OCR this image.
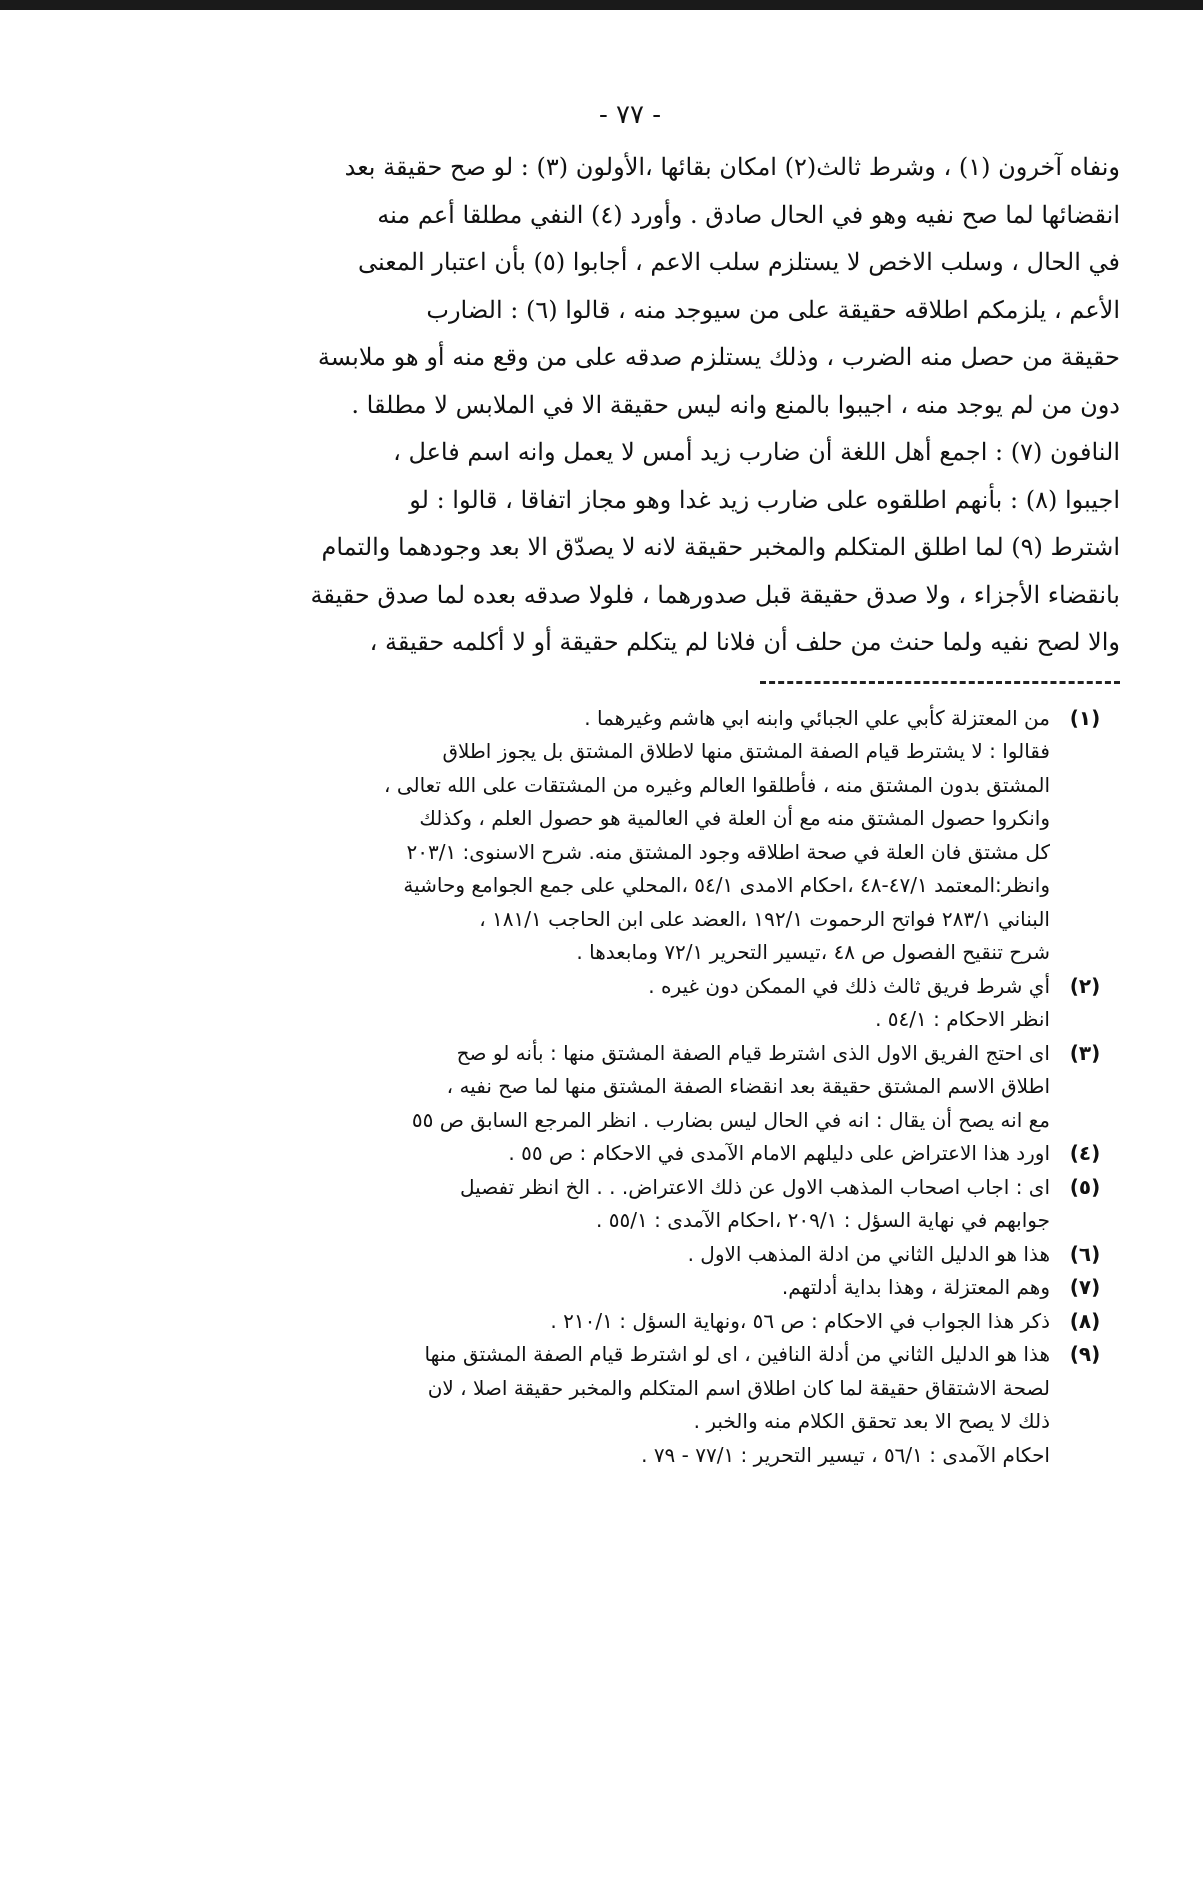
- ٧٧ -
ونفاه آخرون (١) ، وشرط ثالث(٢) امكان بقائها ،الأولون (٣) : لو صح حقيقة بعد
انقضائها لما صح نفيه وهو في الحال صادق . وأورد (٤) النفي مطلقا أعم منه
في الحال ، وسلب الاخص لا يستلزم سلب الاعم ، أجابوا (٥) بأن اعتبار المعنى
الأعم ، يلزمكم اطلاقه حقيقة على من سيوجد منه ، قالوا (٦) : الضارب
حقيقة من حصل منه الضرب ، وذلك يستلزم صدقه على من وقع منه أو هو ملابسة
دون من لم يوجد منه ، اجيبوا بالمنع وانه ليس حقيقة الا في الملابس لا مطلقا .
النافون (٧) : اجمع أهل اللغة أن ضارب زيد أمس لا يعمل وانه اسم فاعل ،
اجيبوا (٨) : بأنهم اطلقوه على ضارب زيد غدا وهو مجاز اتفاقا ، قالوا : لو
اشترط (٩) لما اطلق المتكلم والمخبر حقيقة لانه لا يصدّق الا بعد وجودهما والتمام
بانقضاء الأجزاء ، ولا صدق حقيقة قبل صدورهما ، فلولا صدقه بعده لما صدق حقيقة
والا لصح نفيه ولما حنث من حلف أن فلانا لم يتكلم حقيقة أو لا أكلمه حقيقة ،
(١)
من المعتزلة كأبي علي الجبائي وابنه ابي هاشم وغيرهما .
فقالوا : لا يشترط قيام الصفة المشتق منها لاطلاق المشتق بل يجوز اطلاق
المشتق بدون المشتق منه ، فأطلقوا العالم وغيره من المشتقات على الله تعالى ،
وانكروا حصول المشتق منه مع أن العلة في العالمية هو حصول العلم ، وكذلك
كل مشتق فان العلة في صحة اطلاقه وجود المشتق منه. شرح الاسنوى: ٢٠٣/١
وانظر:المعتمد ٤٧/١-٤٨ ،احكام الامدى ٥٤/١ ،المحلي على جمع الجوامع وحاشية
البناني ٢٨٣/١ فواتح الرحموت ١٩٢/١ ،العضد على ابن الحاجب ١٨١/١ ،
شرح تنقيح الفصول ص ٤٨ ،تيسير التحرير ٧٢/١ ومابعدها .
(٢)
أي شرط فريق ثالث ذلك في الممكن دون غيره .
انظر الاحكام : ٥٤/١ .
(٣)
اى احتج الفريق الاول الذى اشترط قيام الصفة المشتق منها : بأنه لو صح
اطلاق الاسم المشتق حقيقة بعد انقضاء الصفة المشتق منها لما صح نفيه ،
مع انه يصح أن يقال : انه في الحال ليس بضارب . انظر المرجع السابق ص ٥٥
(٤)
اورد هذا الاعتراض على دليلهم الامام الآمدى في الاحكام : ص ٥٥ .
(٥)
اى : اجاب اصحاب المذهب الاول عن ذلك الاعتراض. . . الخ انظر تفصيل
جوابهم في نهاية السؤل : ٢٠٩/١ ،احكام الآمدى : ٥٥/١ .
(٦)
هذا هو الدليل الثاني من ادلة المذهب الاول .
(٧)
وهم المعتزلة ، وهذا بداية أدلتهم.
(٨)
ذكر هذا الجواب في الاحكام : ص ٥٦ ،ونهاية السؤل : ٢١٠/١ .
(٩)
هذا هو الدليل الثاني من أدلة النافين ، اى لو اشترط قيام الصفة المشتق منها
لصحة الاشتقاق حقيقة لما كان اطلاق اسم المتكلم والمخبر حقيقة اصلا ، لان
ذلك لا يصح الا بعد تحقق الكلام منه والخبر .
احكام الآمدى : ٥٦/١ ، تيسير التحرير : ٧٧/١ - ٧٩ .
